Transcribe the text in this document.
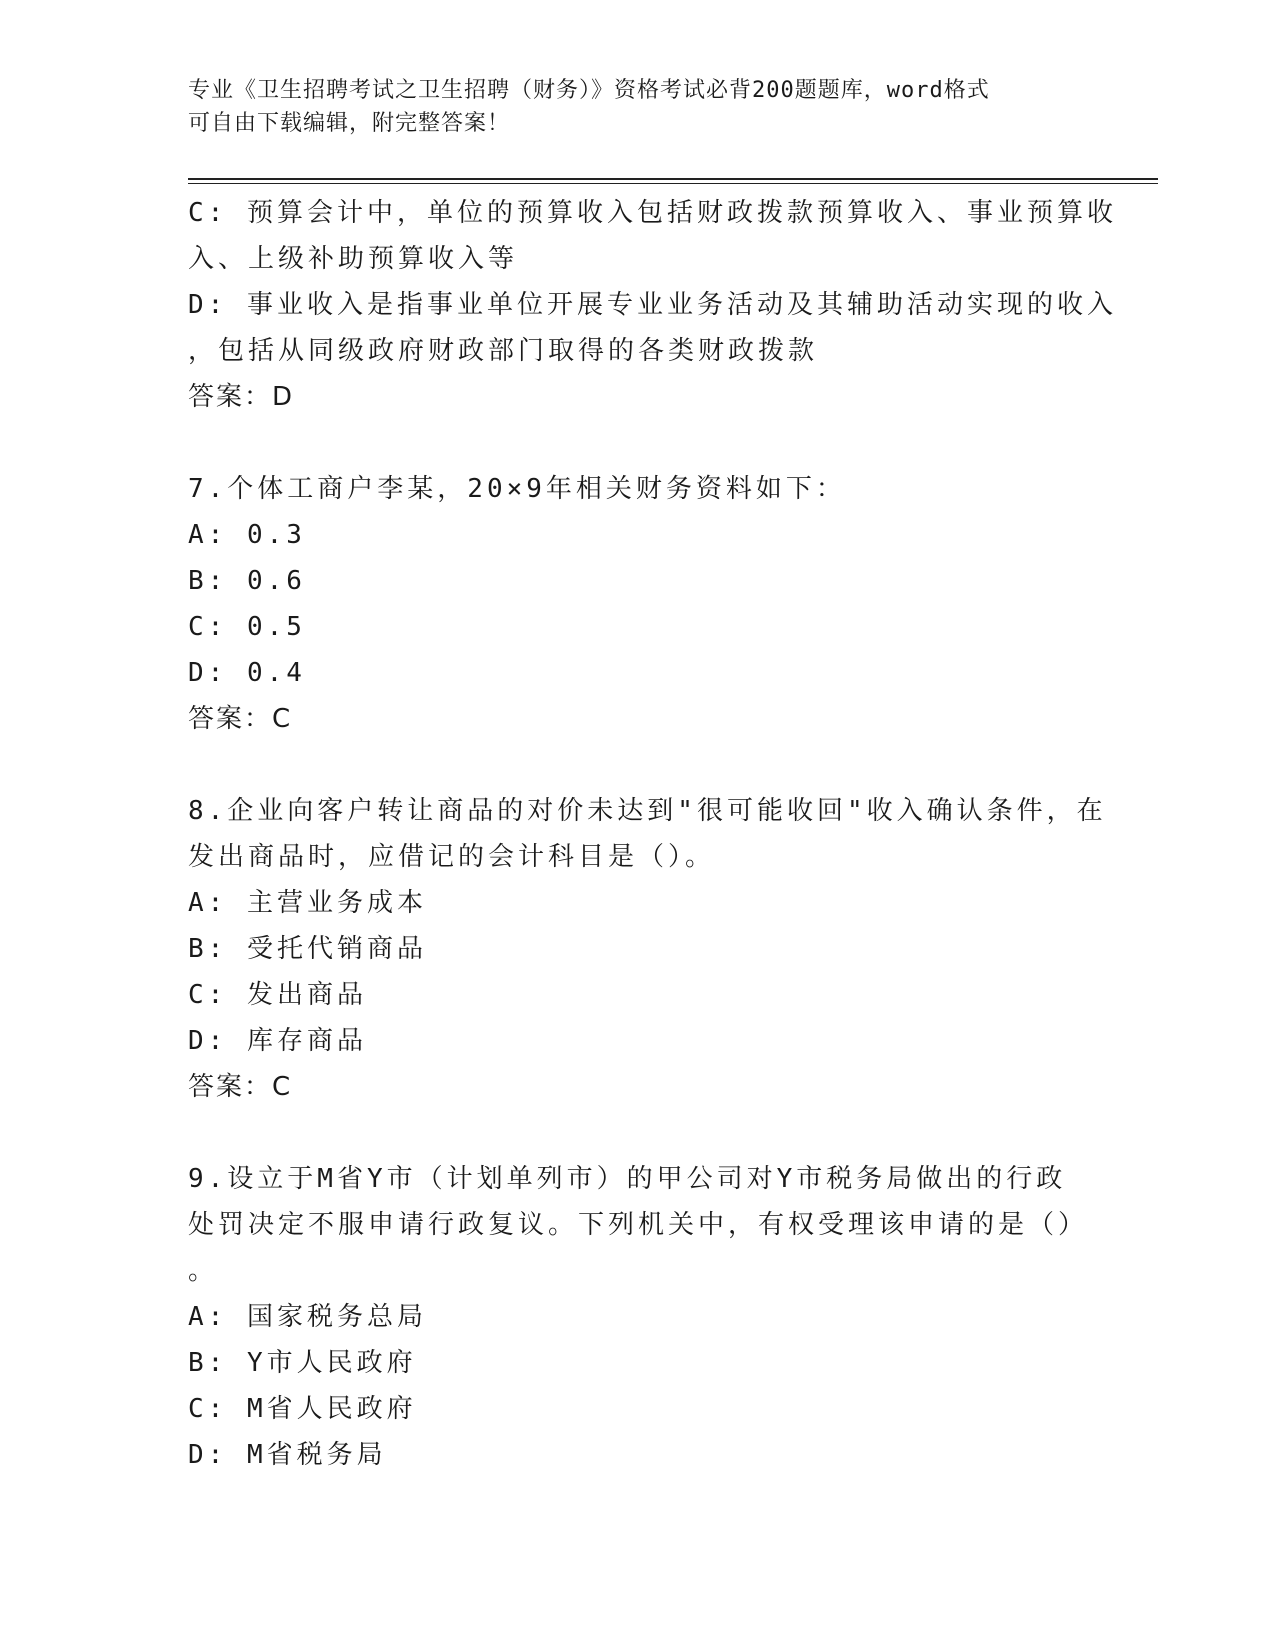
专业《卫生招聘考试之卫生招聘（财务）》资格考试必背200题题库，word格式
可自由下载编辑，附完整答案！

C: 预算会计中，单位的预算收入包括财政拨款预算收入、事业预算收

入、上级补助预算收入等

D: 事业收入是指事业单位开展专业业务活动及其辅助活动实现的收入

，包括从同级政府财政部门取得的各类财政拨款

答案：D

7.个体工商户李某，20×9年相关财务资料如下：

A: 0.3

B: 0.6

C: 0.5

D: 0.4

答案：C

8.企业向客户转让商品的对价未达到"很可能收回"收入确认条件，在

发出商品时，应借记的会计科目是（）。

A: 主营业务成本

B: 受托代销商品

C: 发出商品

D: 库存商品

答案：C

9.设立于M省Y市（计划单列市）的甲公司对Y市税务局做出的行政

处罚决定不服申请行政复议。下列机关中，有权受理该申请的是（）

。

A: 国家税务总局

B: Y市人民政府

C: M省人民政府

D: M省税务局
